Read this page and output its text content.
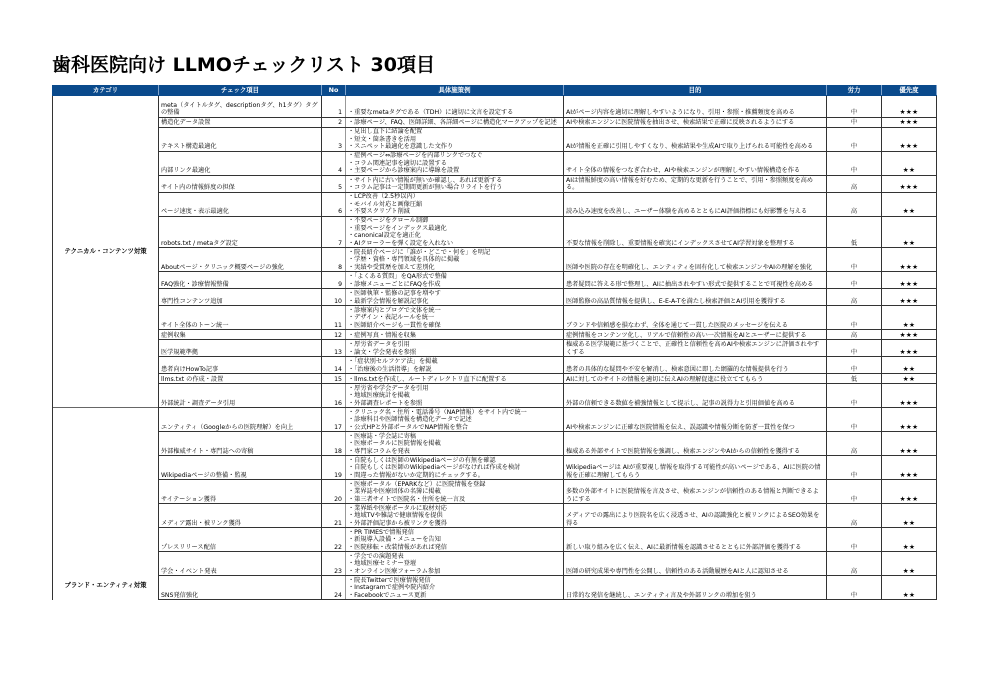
歯科医院向け LLMOチェックリスト 30項目
カテゴリ	チェック項目	No	具体施策例	目的	労力	優先度
テクニカル・コンテンツ対策	meta（タイトルタグ、descriptionタグ、h1タグ）タグの整備	1	・重要なmetaタグである（TDH）に適切に文言を設定する	AIがページ内容を適切に理解しやすいようになり、引用・参照・推薦頻度を高める	中	★★★
	構造化データ設置	2	・診療ページ、FAQ、医師詳細、各詳細ページに構造化マークアップを記述	AIや検索エンジンに医院情報を抽出させ、検索結果で正確に反映されるようにする	中	★★★
	テキスト構造最適化	3	・見出し直下に結論を配置
・短文・箇条書きを活用
・スニペット最適化を意識した文作り	AIが情報を正確に引用しやすくなり、検索結果や生成AIで取り上げられる可能性を高める	中	★★★
	内部リンク最適化	4	・症例ページ⇔診療ページを内部リンクでつなぐ
・コラム関連記事を適切に設置する
・主要ページから診療案内に導線を設置	サイト全体の情報をつなぎ合わせ、AIや検索エンジンが理解しやすい情報構造を作る	中	★★
	サイト内の情報鮮度の担保	5	・サイト内に古い情報が無いか確認し、あれば更新する
・コラム記事は一定期間更新が無い場合リライトを行う	AIは情報鮮度の高い情報を好むため、定期的な更新を行うことで、引用・参照頻度を高める。	高	★★★
	ページ速度・表示最適化	6	・LCP改善（2.5秒以内）
・モバイル対応と画像圧縮
・不要スクリプト削減	読み込み速度を改善し、ユーザー体験を高めるとともにAI評価指標にも好影響を与える	高	★★
	robots.txt / metaタグ設定	7	・不要ページをクロール制御
・重要ページをインデックス最適化
・canonical設定を適正化
・AIクローラーを弾く設定を入れない	不要な情報を削除し、重要情報を確実にインデックスさせてAI学習対象を整理する	低	★★
	Aboutページ・クリニック概要ページの強化	8	・院長紹介ページに「誰が・どこで・何を」を明記
・学歴・資格・専門領域を具体的に掲載
・実績や受賞歴を加えて差別化	医師や医院の存在を明確化し、エンティティを固有化して検索エンジンやAIの理解を強化	中	★★★
	FAQ強化・診療情報整備	9	・「よくある質問」をQA形式で整備
・診療メニューごとにFAQを作成	患者疑問に答える形で整理し、AIに抽出されやすい形式で提供することで可視性を高める	中	★★★
	専門性コンテンツ追加	10	・医師執筆・監修の記事を増やす
・最新学会情報を解説記事化	医師監修の高品質情報を提供し、E-E-A-Tを満たし検索評価とAI引用を獲得する	高	★★★
	サイト全体のトーン統一	11	・診療案内とブログで文体を統一
・デザイン・表記ルールを統一
・医師紹介ページも一貫性を確保	ブランドや信頼感を損なわず、全体を通じて一貫した医院のメッセージを伝える	中	★★
	症例収集	12	・症例写真・情報を収集	症例情報をコンテンツ化し、リアルで信頼性の高い一次情報をAIとユーザーに提供する	高	★★★
	医学規範準拠	13	・厚労省データを引用
・論文・学会発表を参照	権威ある医学規範に基づくことで、正確性と信頼性を高めAIや検索エンジンに評価されやすくする	中	★★★
	患者向けHowTo記事	14	・「症状別セルフケア法」を掲載
・「治療後の生活指導」を解説	患者の具体的な疑問や不安を解消し、検索意図に即した網羅的な情報提供を行う	中	★★
	llms.txt の作成・設置	15	・llms.txtを作成し、ルートディレクトリ直下に配置する	AIに対してのサイトの情報を適切に伝えAIの理解促進に役立ててもらう	低	★★
	外部統計・調査データ引用	16	・厚労省や学会データを引用
・地域医療統計を掲載
・外部調査レポートを参照	外部の信頼できる数値を補強情報として提示し、記事の説得力と引用価値を高める	中	★★★
ブランド・エンティティ対策	エンティティ（Googleからの医院理解）を向上	17	・クリニック名・住所・電話番号（NAP情報）をサイト内で統一
・診療科目や医師情報を構造化データで記述
・公式HPと外部ポータルでNAP情報を整合	AIや検索エンジンに正確な医院情報を伝え、誤認識や情報分断を防ぎ一貫性を保つ	中	★★★
	外部権威サイト・専門誌への寄稿	18	・医療誌・学会誌に寄稿
・医療ポータルに医院情報を掲載
・専門家コラムを発表	権威ある外部サイトで医院情報を強調し、検索エンジンやAIからの信頼性を獲得する	高	★★★
	Wikipediaページの整備・監視	19	・自院もしくは医師のWikipediaページの有無を確認
・自院もしくは医師のWikipediaページがなければ作成を検討
・間違った情報がないか定期的にチェックする。	Wikipediaページは AIが重要視し情報を取得する可能性が高いページである、AIに医院の情報を正確に理解してもらう	中	★★★
	サイテーション獲得	20	・医療ポータル（EPARKなど）に医院情報を登録
・業界誌や医療団体の名簿に掲載
・第三者サイトで医院名・住所を統一言及	多数の外部サイトに医院情報を言及させ、検索エンジンが信頼性のある情報と判断できるようにする	中	★★★
	メディア露出・被リンク獲得	21	・業界紙や医療ポータルに取材対応
・地域TVや雑誌で健康情報を提供
・外部評価記事から被リンクを獲得	メディアでの露出により医院名を広く浸透させ、AIの認識強化と被リンクによるSEO効果を得る	高	★★
	プレスリリース配信	22	・PR TIMESで情報発信
・新規導入設備・メニューを告知
・医院移転・改装情報があれば発信	新しい取り組みを広く伝え、AIに最新情報を認識させるとともに外部評価を獲得する	中	★★
	学会・イベント発表	23	・学会での演題発表
・地域医療セミナー登壇
・オンライン医療フォーラム参加	医師の研究成果や専門性を公開し、信頼性のある活動履歴をAIと人に認知させる	高	★★
	SNS発信強化	24	・院長Twitterで医療情報発信
・Instagramで症例や院内紹介
・Facebookでニュース更新	日常的な発信を継続し、エンティティ言及や外部リンクの増加を狙う	中	★★
